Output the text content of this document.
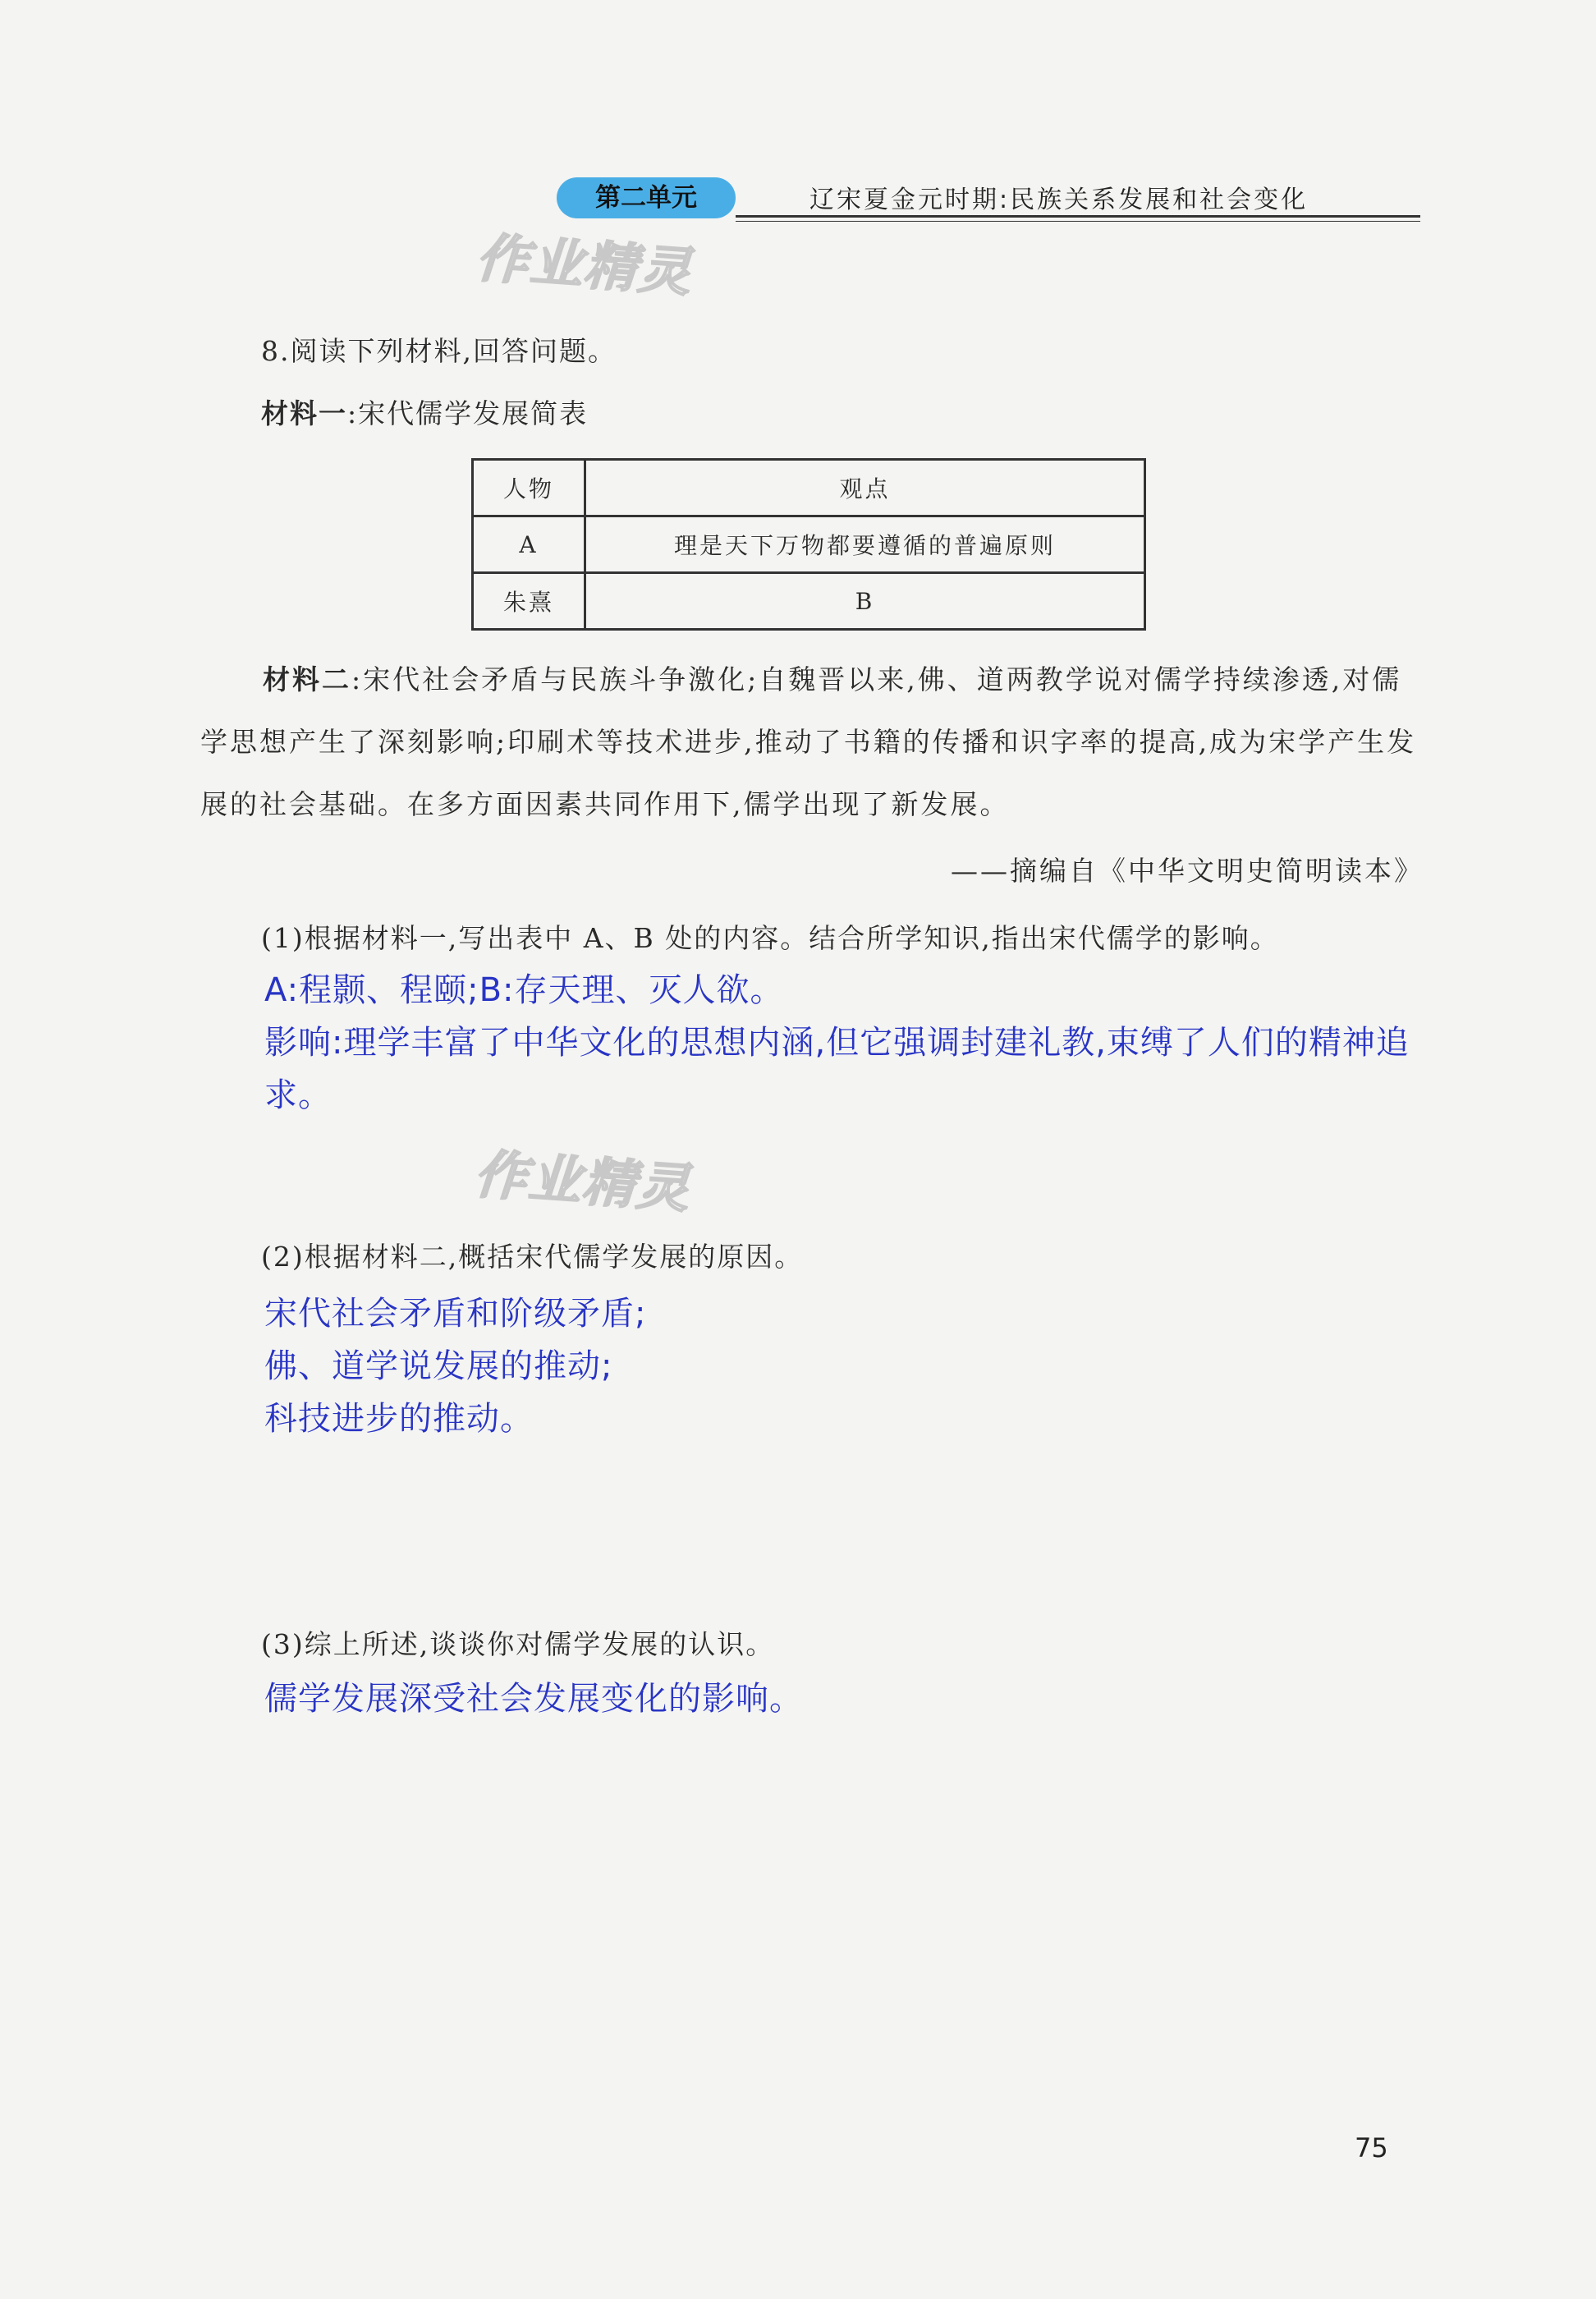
第二单元	辽宋夏金元时期:民族关系发展和社会变化
作业精灵
8.阅读下列材料,回答问题。
材料一:宋代儒学发展简表
人物	观点
A	理是天下万物都要遵循的普遍原则
朱熹	B
材料二:宋代社会矛盾与民族斗争激化;自魏晋以来,佛、道两教学说对儒学持续渗透,对儒学思想产生了深刻影响;印刷术等技术进步,推动了书籍的传播和识字率的提高,成为宋学产生发展的社会基础。在多方面因素共同作用下,儒学出现了新发展。
——摘编自《中华文明史简明读本》
(1)根据材料一,写出表中 A、B 处的内容。结合所学知识,指出宋代儒学的影响。
A:程颢、程颐;B:存天理、灭人欲。
影响:理学丰富了中华文化的思想内涵,但它强调封建礼教,束缚了人们的精神追求。
作业精灵
(2)根据材料二,概括宋代儒学发展的原因。
宋代社会矛盾和阶级矛盾;
佛、道学说发展的推动;
科技进步的推动。
(3)综上所述,谈谈你对儒学发展的认识。
儒学发展深受社会发展变化的影响。
75
